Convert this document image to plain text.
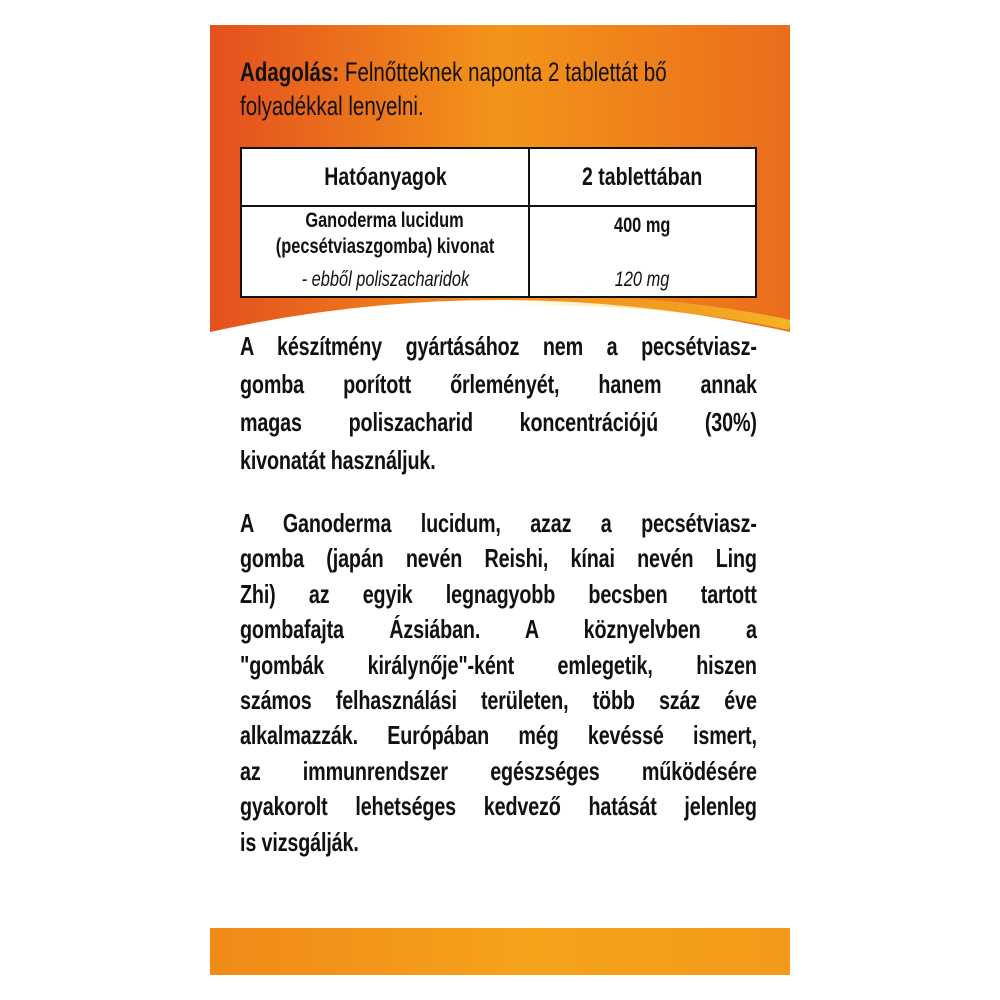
Adagolás: Felnőtteknek naponta 2 tablettát bő
folyadékkal lenyelni.
Hatóanyagok	2 tablettában
Ganoderma lucidum
(pecsétviaszgomba) kivonat
- ebből poliszacharidok
400 mg
120 mg
A készítmény gyártásához nem a pecsétviasz-
gomba porított őrleményét, hanem annak
magas poliszacharid koncentrációjú (30%)
kivonatát használjuk.
A Ganoderma lucidum, azaz a pecsétviasz-
gomba (japán nevén Reishi, kínai nevén Ling
Zhi) az egyik legnagyobb becsben tartott
gombafajta Ázsiában. A köznyelvben a
"gombák királynője"-ként emlegetik, hiszen
számos felhasználási területen, több száz éve
alkalmazzák. Európában még kevéssé ismert,
az immunrendszer egészséges működésére
gyakorolt lehetséges kedvező hatását jelenleg
is vizsgálják.
